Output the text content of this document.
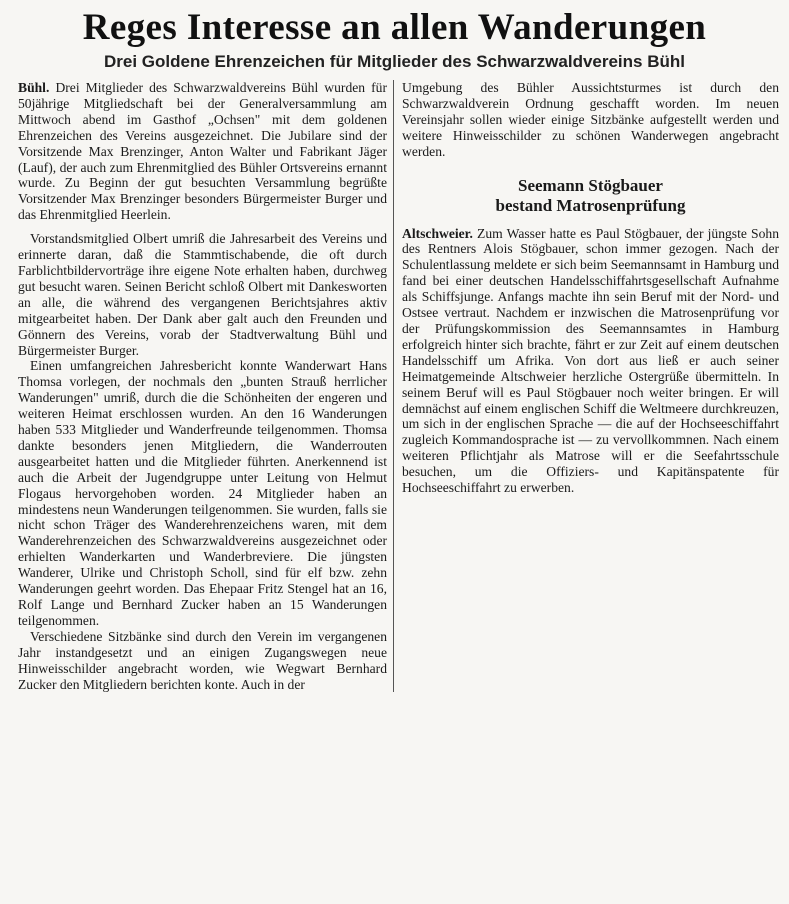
Reges Interesse an allen Wanderungen
Drei Goldene Ehrenzeichen für Mitglieder des Schwarzwaldvereins Bühl

Bühl. Drei Mitglieder des Schwarzwaldvereins Bühl wurden für 50jährige Mitgliedschaft bei der Generalversammlung am Mittwoch abend im Gasthof „Ochsen" mit dem goldenen Ehrenzeichen des Vereins ausgezeichnet. Die Jubilare sind der Vorsitzende Max Brenzinger, Anton Walter und Fabrikant Jäger (Lauf), der auch zum Ehrenmitglied des Bühler Ortsvereins ernannt wurde. Zu Beginn der gut besuchten Versammlung begrüßte Vorsitzender Max Brenzinger besonders Bürgermeister Burger und das Ehrenmitglied Heerlein.

Vorstandsmitglied Olbert umriß die Jahresarbeit des Vereins und erinnerte daran, daß die Stammtischabende, die oft durch Farblichtbildervorträge ihre eigene Note erhalten haben, durchweg gut besucht waren. Seinen Bericht schloß Olbert mit Dankesworten an alle, die während des vergangenen Berichtsjahres aktiv mitgearbeitet haben. Der Dank aber galt auch den Freunden und Gönnern des Vereins, vorab der Stadtverwaltung Bühl und Bürgermeister Burger.

Einen umfangreichen Jahresbericht konnte Wanderwart Hans Thomsa vorlegen, der nochmals den „bunten Strauß herrlicher Wanderungen" umriß, durch die die Schönheiten der engeren und weiteren Heimat erschlossen wurden. An den 16 Wanderungen haben 533 Mitglieder und Wanderfreunde teilgenommen. Thomsa dankte besonders jenen Mitgliedern, die Wanderrouten ausgearbeitet hatten und die Mitglieder führten. Anerkennend ist auch die Arbeit der Jugendgruppe unter Leitung von Helmut Flogaus hervorgehoben worden. 24 Mitglieder haben an mindestens neun Wanderungen teilgenommen. Sie wurden, falls sie nicht schon Träger des Wanderehrenzeichens waren, mit dem Wanderehrenzeichen des Schwarzwaldvereins ausgezeichnet oder erhielten Wanderkarten und Wanderbreviere. Die jüngsten Wanderer, Ulrike und Christoph Scholl, sind für elf bzw. zehn Wanderungen geehrt worden. Das Ehepaar Fritz Stengel hat an 16, Rolf Lange und Bernhard Zucker haben an 15 Wanderungen teilgenommen.

Verschiedene Sitzbänke sind durch den Verein im vergangenen Jahr instandgesetzt und an einigen Zugangswegen neue Hinweisschilder angebracht worden, wie Wegwart Bernhard Zucker den Mitgliedern berichten konte. Auch in der

Umgebung des Bühler Aussichtsturmes ist durch den Schwarzwaldverein Ordnung geschafft worden. Im neuen Vereinsjahr sollen wieder einige Sitzbänke aufgestellt werden und weitere Hinweisschilder zu schönen Wanderwegen angebracht werden.

Seemann Stögbauer
bestand Matrosenprüfung

Altschweier. Zum Wasser hatte es Paul Stögbauer, der jüngste Sohn des Rentners Alois Stögbauer, schon immer gezogen. Nach der Schulentlassung meldete er sich beim Seemannsamt in Hamburg und fand bei einer deutschen Handelsschiffahrtsgesellschaft Aufnahme als Schiffsjunge. Anfangs machte ihn sein Beruf mit der Nord- und Ostsee vertraut. Nachdem er inzwischen die Matrosenprüfung vor der Prüfungskommission des Seemannsamtes in Hamburg erfolgreich hinter sich brachte, fährt er zur Zeit auf einem deutschen Handelsschiff um Afrika. Von dort aus ließ er auch seiner Heimatgemeinde Altschweier herzliche Ostergrüße übermitteln. In seinem Beruf will es Paul Stögbauer noch weiter bringen. Er will demnächst auf einem englischen Schiff die Weltmeere durchkreuzen, um sich in der englischen Sprache — die auf der Hochseeschiffahrt zugleich Kommandosprache ist — zu vervollkommnen. Nach einem weiteren Pflichtjahr als Matrose will er die Seefahrtsschule besuchen, um die Offiziers- und Kapitänspatente für Hochseeschiffahrt zu erwerben.
